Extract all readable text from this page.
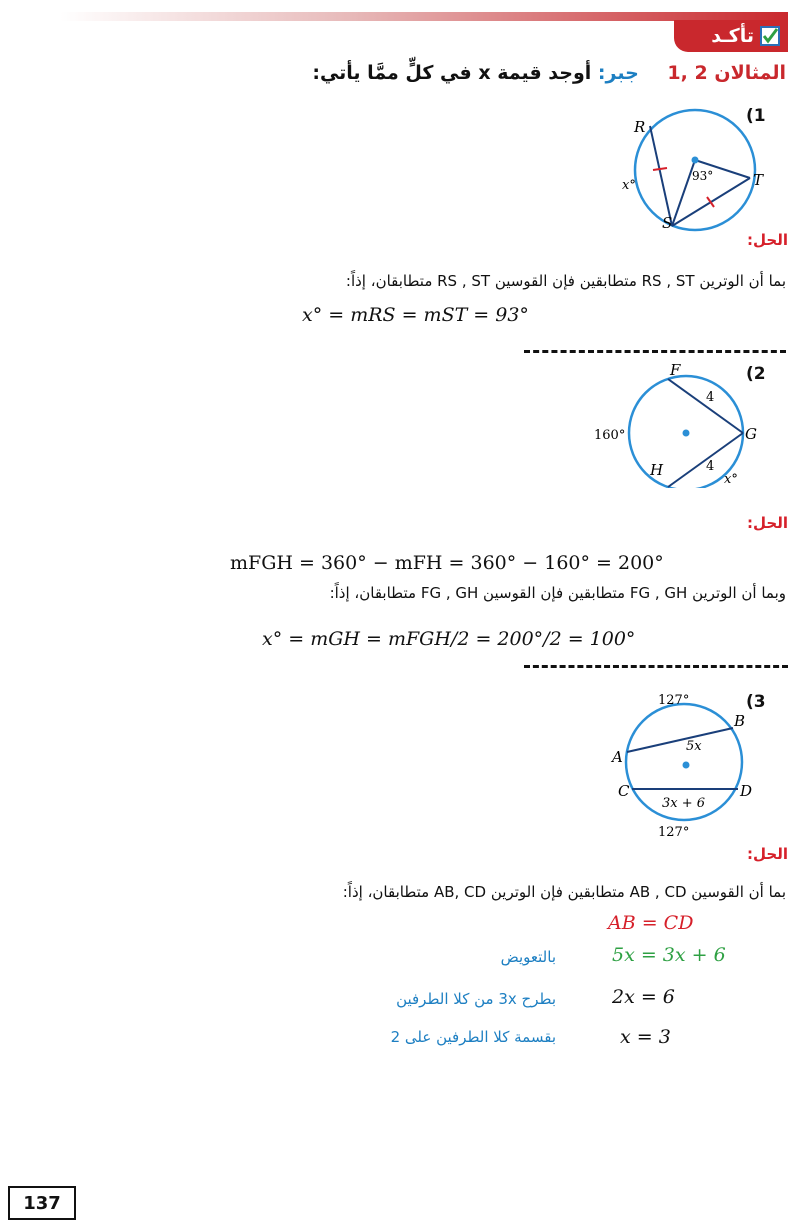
تأكـد
المثالان 2 ,1 جبر: أوجد قيمة x في كلٍّ ممَّا يأتي:
(1
R
S
T
x°
93°
الحل:
بما أن الوترين RS , ST متطابقين فإن القوسين RS , ST متطابقان، إذاً:
x° = mRS = mST = 93°
(2
F
G
H
160°
4
4
x°
الحل:
mFGH = 360° − mFH = 360° − 160° = 200°
وبما أن الوترين FG , GH متطابقين فإن القوسين FG , GH متطابقان، إذاً:
x° = mGH = mFGH/2 = 200°/2 = 100°
(3
127°
127°
B
A
C	D
5x
3x + 6
الحل:
بما أن القوسين AB , CD متطابقين فإن الوترين AB, CD متطابقان، إذاً:
AB = CD
5x = 3x + 6
بالتعويض
2x = 6
بطرح 3x من كلا الطرفين
x = 3
بقسمة كلا الطرفين على 2
137
